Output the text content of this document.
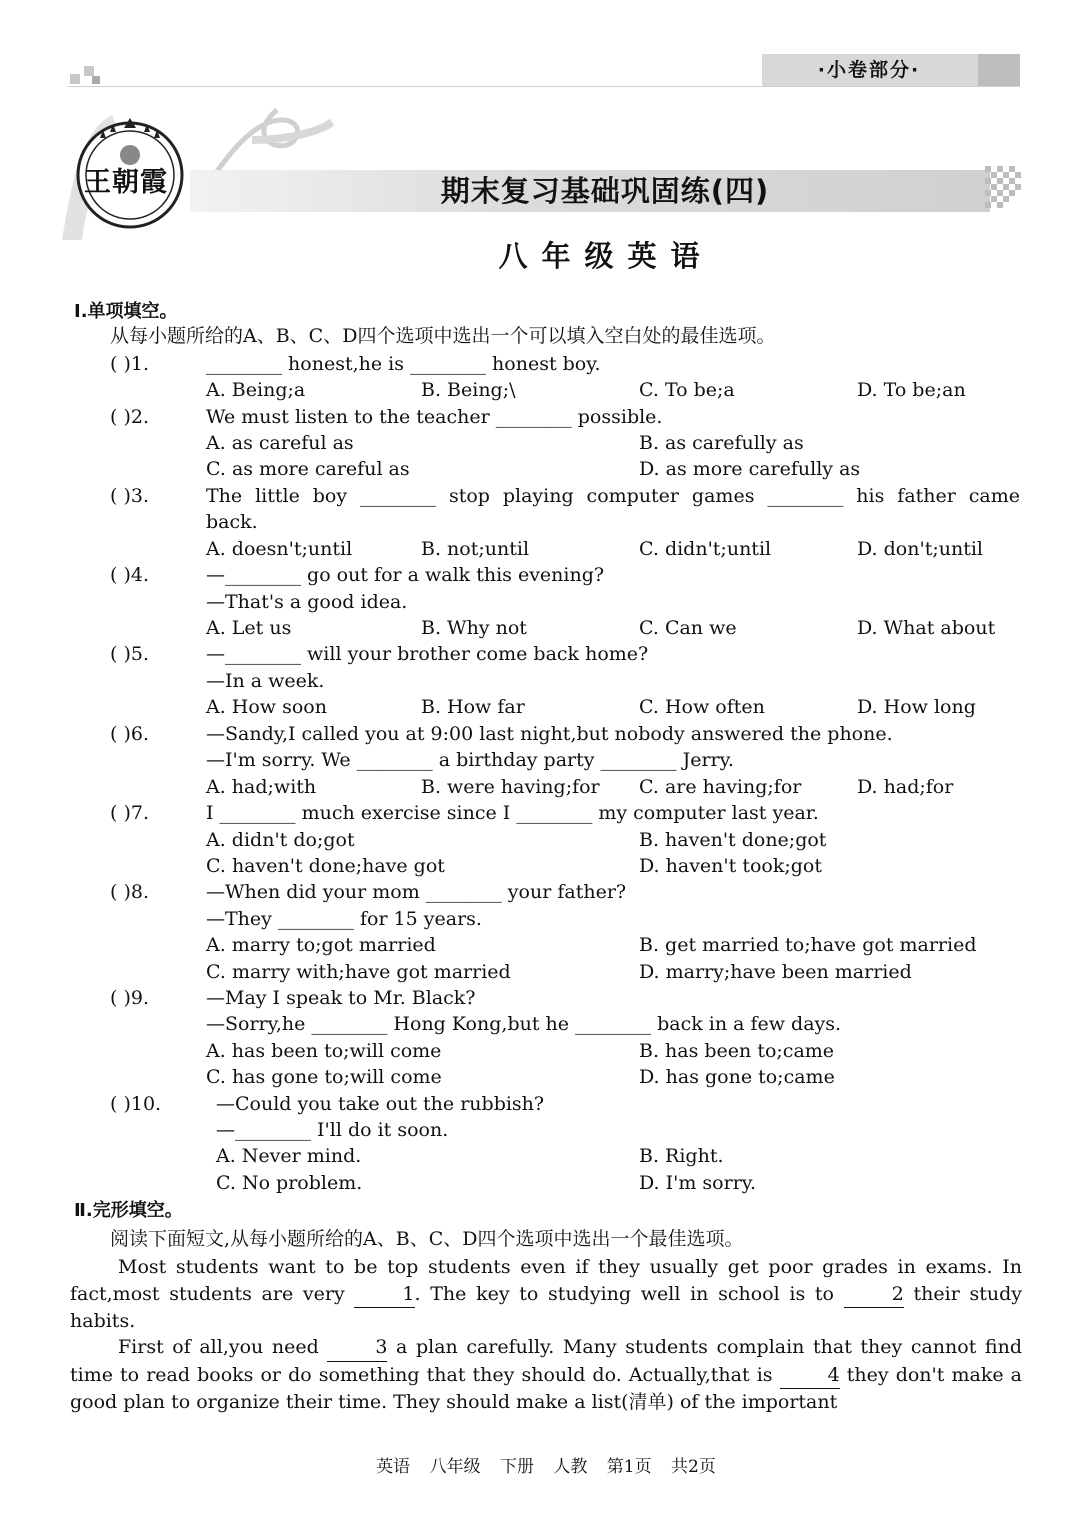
·小卷部分·
王朝霞	期末复习基础巩固练(四)
八年级英语
Ⅰ.单项填空。
从每小题所给的A、B、C、D四个选项中选出一个可以填入空白处的最佳选项。
( )1.	________ honest,he is ________ honest boy.
A. Being;a	B. Being;\	C. To be;a	D. To be;an
( )2.	We must listen to the teacher ________ possible.
A. as careful as	B. as carefully as
C. as more careful as	D. as more carefully as
( )3.	The little boy ________ stop playing computer games ________ his father came
back.
A. doesn't;until	B. not;until	C. didn't;until	D. don't;until
( )4.	—________ go out for a walk this evening?
—That's a good idea.
A. Let us	B. Why not	C. Can we	D. What about
( )5.	—________ will your brother come back home?
—In a week.
A. How soon	B. How far	C. How often	D. How long
( )6.	—Sandy,I called you at 9:00 last night,but nobody answered the phone.
—I'm sorry. We ________ a birthday party ________ Jerry.
A. had;with	B. were having;for C. are having;for	D. had;for
( )7.	I ________ much exercise since I ________ my computer last year.
A. didn't do;got	B. haven't done;got
C. haven't done;have got	D. haven't took;got
( )8.	—When did your mom ________ your father?
—They ________ for 15 years.
A. marry to;got married	B. get married to;have got married
C. marry with;have got married	D. marry;have been married
( )9.	—May I speak to Mr. Black?
—Sorry,he ________ Hong Kong,but he ________ back in a few days.
A. has been to;will come	B. has been to;came
C. has gone to;will come	D. has gone to;came
( )10.	—Could you take out the rubbish?
—________ I'll do it soon.
A. Never mind.	B. Right.
C. No problem.	D. I'm sorry.
Ⅱ.完形填空。
阅读下面短文,从每小题所给的A、B、C、D四个选项中选出一个最佳选项。
Most students want to be top students even if they usually get poor grades in exams. In fact,most students are very	1. The key to studying well in school is to	2 their study habits.
First of all,you need	3 a plan carefully. Many students complain that they cannot find time to read books or do something that they should do. Actually,that is	4 they don't make a good plan to organize their time. They should make a list(清单) of the important
英语 八年级 下册 人教 第1页 共2页
